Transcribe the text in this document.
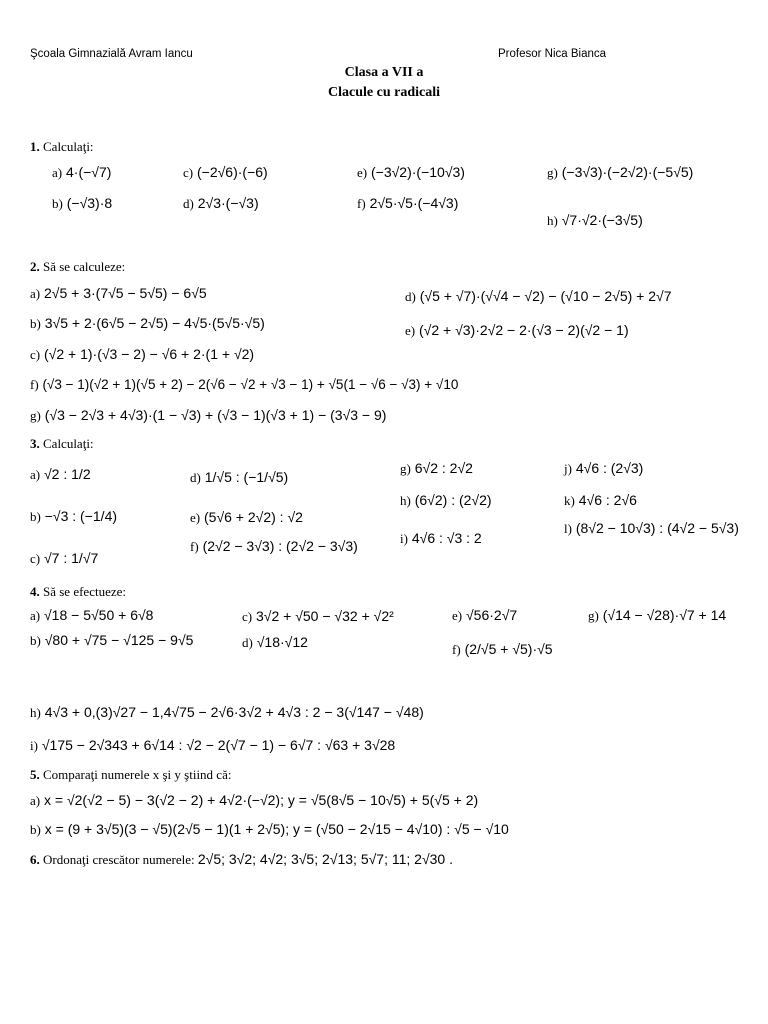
Şcoala Gimnazială Avram Iancu	Profesor Nica Bianca
Clasa a VII a
Clacule cu radicali
1. Calculaţi:
a) 4·(−√7)
b) (−√3)·8
c) (−2√6)·(−6)
d) 2√3·(−√3)
e) (−3√2)·(−10√3)
f) 2√5·√5·(−4√3)
g) (−3√3)·(−2√2)·(−5√5)
h) √7·√2·(−3√5)
2. Să se calculeze:
a) 2√5 + 3·(7√5 − 5√5) − 6√5
b) 3√5 + 2·(6√5 − 2√5) − 4√5·(5√5·√5)
c) (√2 + 1)·(√3 − 2) − √6 + 2·(1 + √2)
d) (√5 + √7)·(√√4 − √2) − (√10 − 2√5) + 2√7
e) (√2 + √3)·2√2 − 2·(√3 − 2)(√2 − 1)
f) (√3 − 1)(√2 + 1)(√5 + 2) − 2(√6 − √2 + √3 − 1) + √5(1 − √6 − √3) + √10
g) (√3 − 2√3 + 4√3)·(1 − √3) + (√3 − 1)(√3 + 1) − (3√3 − 9)
3. Calculaţi:
a) √2 : 1/2
b) −√3 : (−1/4)
c) √7 : 1/√7
d) 1/√5 : (−1/√5)
e) (5√6 + 2√2) : √2
f) (2√2 − 3√3) : (2√2 − 3√3)
g) 6√2 : 2√2
h) (6√2) : (2√2)
i) 4√6 : √3 : 2
j) 4√6 : (2√3)
k) 4√6 : 2√6
l) (8√2 − 10√3) : (4√2 − 5√3)
4. Să se efectueze:
a) √18 − 5√50 + 6√8
b) √80 + √75 − √125 − 9√5
c) 3√2 + √50 − √32 + √2²
d) √18·√12
e) √56·2√7
f) (2/√5 + √5)·√5
g) (√14 − √28)·√7 + 14
h) 4√3 + 0,(3)√27 − 1,4√75 − 2√6·3√2 + 4√3 : 2 − 3(√147 − √48)
i) √175 − 2√343 + 6√14 : √2 − 2(√7 − 1) − 6√7 : √63 + 3√28
5. Comparaţi numerele x şi y ştiind că:
a) x = √2(√2 − 5) − 3(√2 − 2) + 4√2·(−√2); y = √5(8√5 − 10√5) + 5(√5 + 2)
b) x = (9 + 3√5)(3 − √5)(2√5 − 1)(1 + 2√5); y = (√50 − 2√15 − 4√10) : √5 − √10
6. Ordonaţi crescător numerele: 2√5; 3√2; 4√2; 3√5; 2√13; 5√7; 11; 2√30 .
